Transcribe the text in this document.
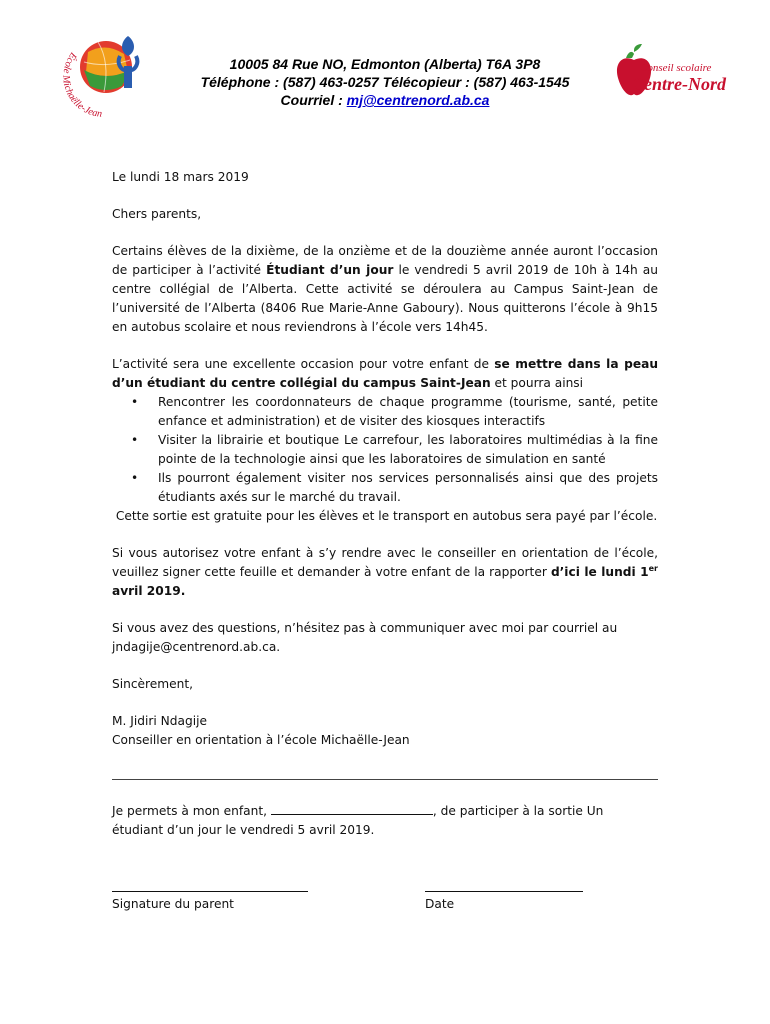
École Michaëlle-Jean
10005 84 Rue NO, Edmonton (Alberta) T6A 3P8
Téléphone : (587) 463-0257 Télécopieur : (587) 463-1545
Courriel : mj@centrenord.ab.ca
Conseil scolaire
Centre-Nord

Le lundi 18 mars 2019

Chers parents,

Certains élèves de la dixième, de la onzième et de la douzième année auront l’occasion de participer à l’activité Étudiant d’un jour le vendredi 5 avril 2019 de 10h à 14h au centre collégial de l’Alberta. Cette activité se déroulera au Campus Saint-Jean de l’université de l’Alberta (8406 Rue Marie-Anne Gaboury). Nous quitterons l’école à 9h15 en autobus scolaire et nous reviendrons à l’école vers 14h45.

L’activité sera une excellente occasion pour votre enfant de se mettre dans la peau d’un étudiant du centre collégial du campus Saint-Jean et pourra ainsi

• Rencontrer les coordonnateurs de chaque programme (tourisme, santé, petite enfance et administration) et de visiter des kiosques interactifs
• Visiter la librairie et boutique Le carrefour, les laboratoires multimédias à la fine pointe de la technologie ainsi que les laboratoires de simulation en santé
• Ils pourront également visiter nos services personnalisés ainsi que des projets étudiants axés sur le marché du travail.

Cette sortie est gratuite pour les élèves et le transport en autobus sera payé par l’école.

Si vous autorisez votre enfant à s’y rendre avec le conseiller en orientation de l’école, veuillez signer cette feuille et demander à votre enfant de la rapporter d’ici le lundi 1er avril 2019.

Si vous avez des questions, n’hésitez pas à communiquer avec moi par courriel au jndagije@centrenord.ab.ca.

Sincèrement,

M. Jidiri Ndagije

Conseiller en orientation à l’école Michaëlle-Jean

Je permets à mon enfant,	, de participer à la sortie Un étudiant d’un jour le vendredi 5 avril 2019.
Signature du parent	Date
